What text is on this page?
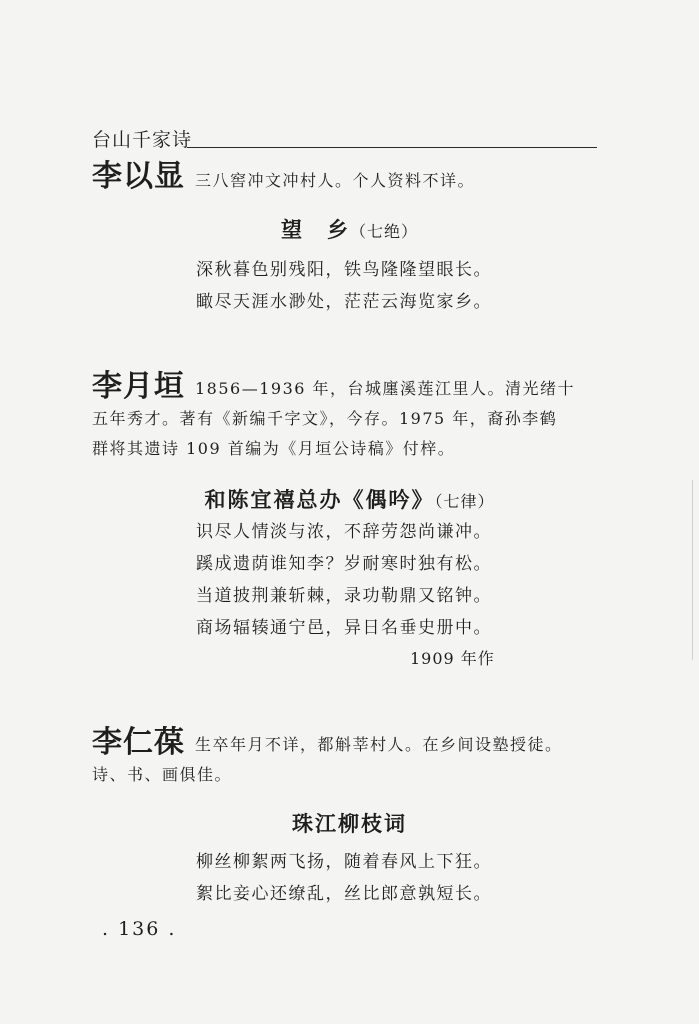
台山千家诗
李以显 三八窖冲文冲村人。个人资料不详。
望　乡（七绝）
深秋暮色别残阳，铁鸟隆隆望眼长。
瞰尽天涯水渺处，茫茫云海览家乡。
李月垣 1856—1936 年，台城廛溪莲江里人。清光绪十
五年秀才。著有《新编千字文》，今存。1975 年，裔孙李鹤
群将其遗诗 109 首编为《月垣公诗稿》付梓。
和陈宜禧总办《偶吟》（七律）
识尽人情淡与浓，不辞劳怨尚谦冲。
蹊成遗荫谁知李？岁耐寒时独有松。
当道披荆兼斩棘，录功勒鼎又铭钟。
商场辐辏通宁邑，异日名垂史册中。
1909 年作
李仁葆 生卒年月不详，都斛莘村人。在乡间设塾授徒。
诗、书、画俱佳。
珠江柳枝词
柳丝柳絮两飞扬，随着春风上下狂。
絮比妾心还缭乱，丝比郎意孰短长。
. 136 .
